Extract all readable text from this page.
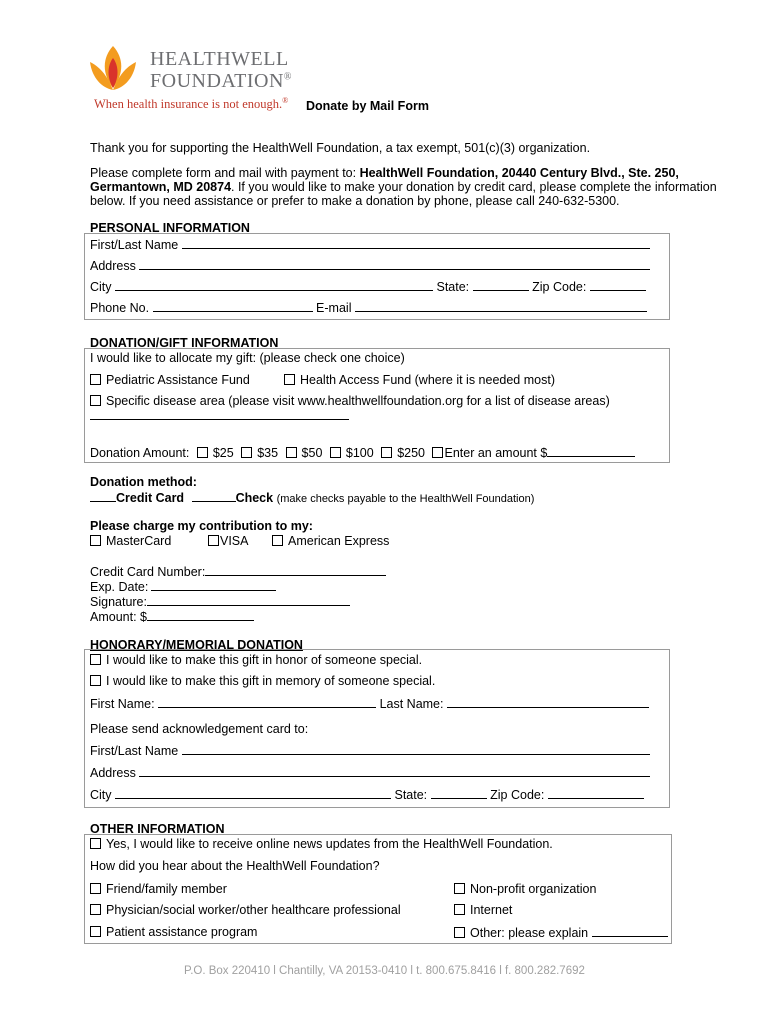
HEALTHWELL
FOUNDATION®
When health insurance is not enough.® Donate by Mail Form
Thank you for supporting the HealthWell Foundation, a tax exempt, 501(c)(3) organization.
Please complete form and mail with payment to: HealthWell Foundation, 20440 Century Blvd., Ste. 250,
Germantown, MD 20874. If you would like to make your donation by credit card, please complete the information
below. If you need assistance or prefer to make a donation by phone, please call 240-632-5300.
PERSONAL INFORMATION
First/Last Name
Address
City	State:	Zip Code:
Phone No.	E-mail
DONATION/GIFT INFORMATION
I would like to allocate my gift: (please check one choice)
Pediatric Assistance Fund	Health Access Fund (where it is needed most)
Specific disease area (please visit www.healthwellfoundation.org for a list of disease areas)
Donation Amount: $25 $35 $50 $100 $250 Enter an amount $
Donation method:
Credit Card	Check (make checks payable to the HealthWell Foundation)
Please charge my contribution to my:
MasterCard	VISA	American Express
Credit Card Number:
Exp. Date:
Signature:
Amount: $
HONORARY/MEMORIAL DONATION
I would like to make this gift in honor of someone special.
I would like to make this gift in memory of someone special.
First Name:	Last Name:
Please send acknowledgement card to:
First/Last Name
Address
City	State:	Zip Code:
OTHER INFORMATION
Yes, I would like to receive online news updates from the HealthWell Foundation.
How did you hear about the HealthWell Foundation?
Friend/family member	Non-profit organization
Physician/social worker/other healthcare professional	Internet
Patient assistance program	Other: please explain
P.O. Box 220410 l Chantilly, VA 20153-0410 l t. 800.675.8416 l f. 800.282.7692
